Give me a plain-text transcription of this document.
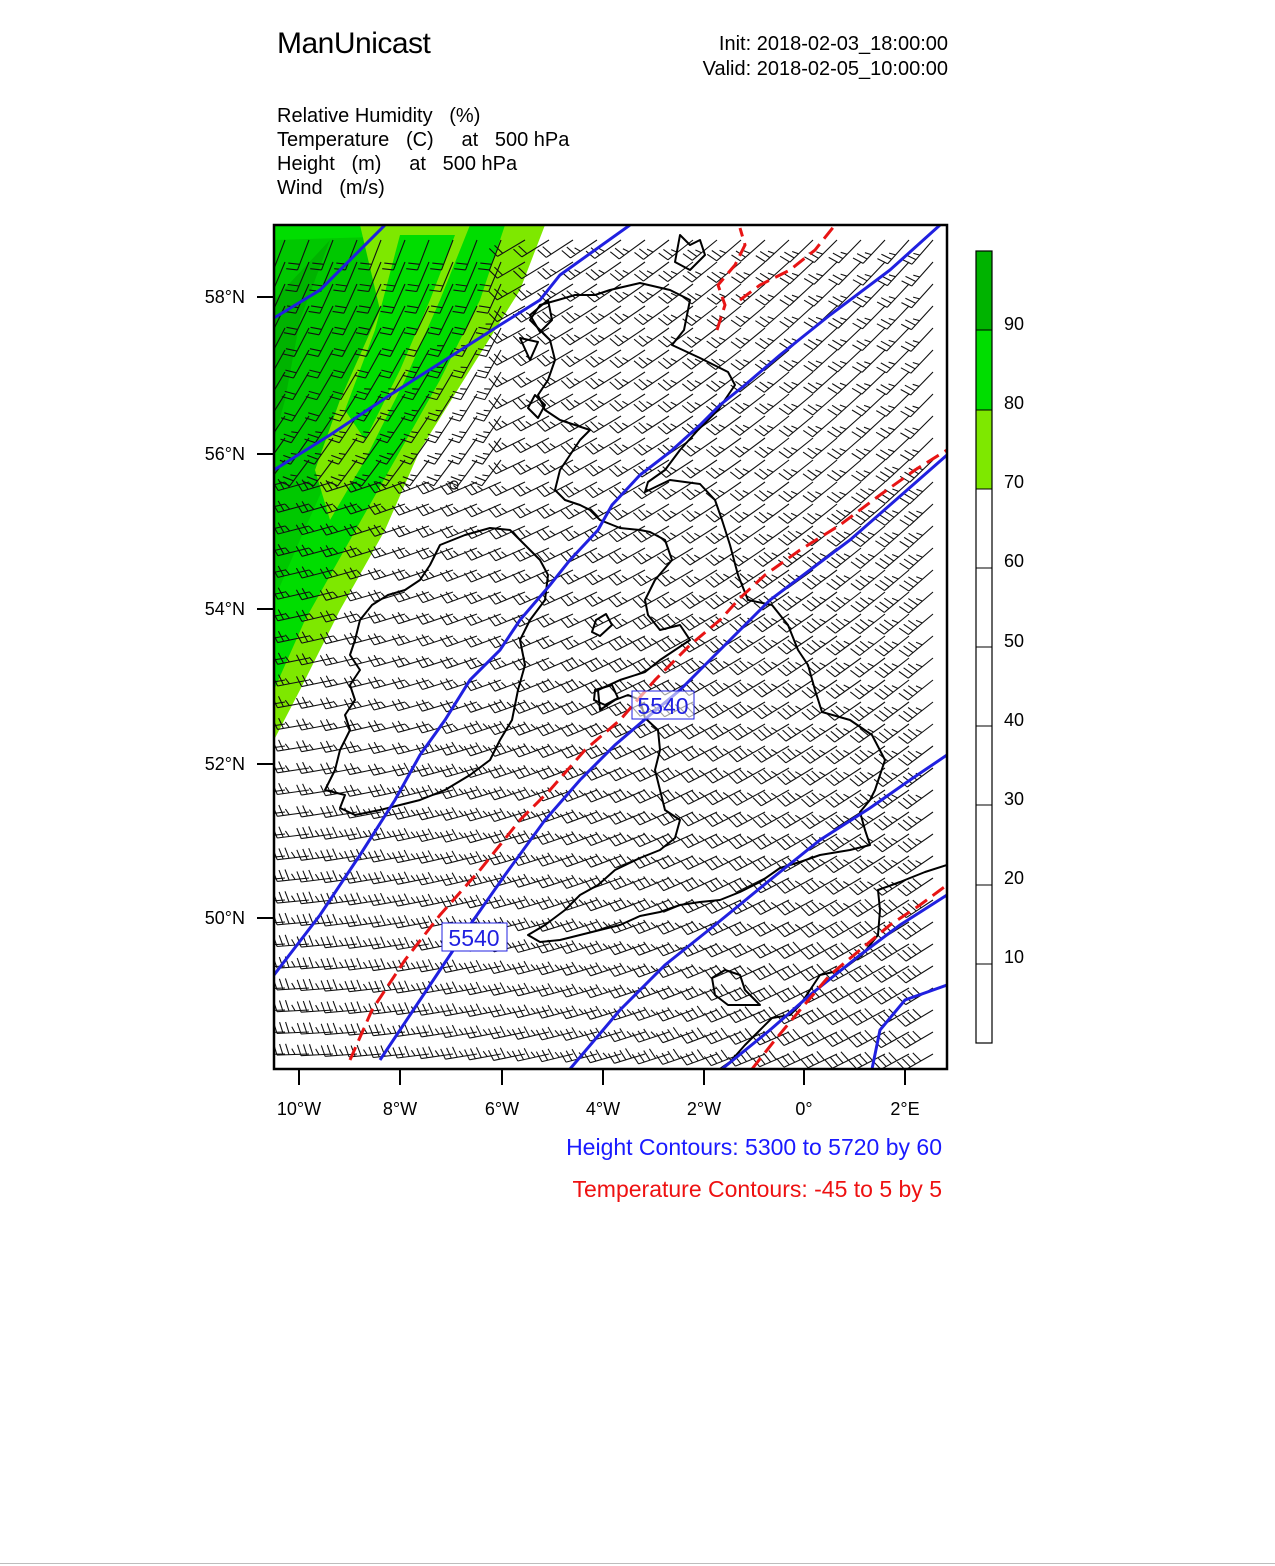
ManUnicast	Init: 2018-02-03_18:00:00
Valid: 2018-02-05_10:00:00
Relative Humidity   (%)
Temperature   (C)     at   500 hPa
Height   (m)     at   500 hPa
Wind   (m/s)
5540
5540
10°W	8°W	6°W	4°W	2°W	0°	2°E
50°N
52°N
54°N
56°N
58°N
90
80
70
60
50
40
30
20
10
Height Contours: 5300 to 5720 by 60
Temperature Contours: -45 to 5 by 5
